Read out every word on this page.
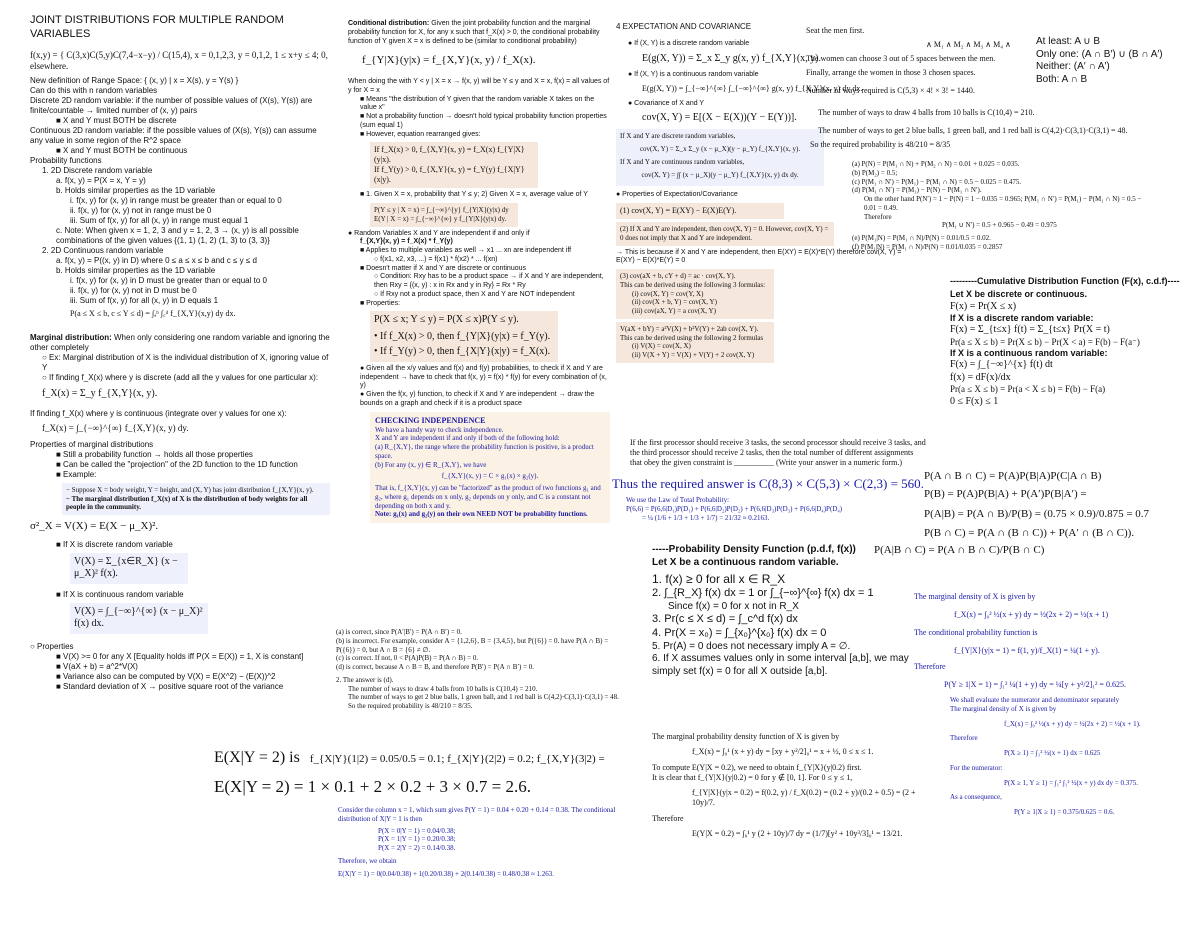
JOINT DISTRIBUTIONS FOR MULTIPLE RANDOM VARIABLES

f(x,y) = { C(3,x)C(5,y)C(7,4−x−y) / C(15,4), x = 0,1,2,3, y = 0,1,2, 1 ≤ x+y ≤ 4; 0, elsewhere.

New definition of Range Space: { (x, y) | x = X(s), y = Y(s) }

Can do this with n random variables

Discrete 2D random variable: if the number of possible values of (X(s), Y(s)) are finite/countable → limited number of (x, y) pairs

■ X and Y must BOTH be discrete

Continuous 2D random variable: if the possible values of (X(s), Y(s)) can assume any value in some region of the R^2 space

■ X and Y must BOTH be continuous

Probability functions

1. 2D Discrete random variable

a. f(x, y) = P(X = x, Y = y)

b. Holds similar properties as the 1D variable

i. f(x, y) for (x, y) in range must be greater than or equal to 0

ii. f(x, y) for (x, y) not in range must be 0

iii. Sum of f(x, y) for all (x, y) in range must equal 1

c. Note: When given x = 1, 2, 3 and y = 1, 2, 3 → (x, y) is all possible combinations of the given values {(1, 1) (1, 2) (1, 3) to (3, 3)}

2. 2D Continuous random variable

a. f(x, y) = P((x, y) in D) where 0 ≤ a ≤ x ≤ b and c ≤ y ≤ d

b. Holds similar properties as the 1D variable

i. f(x, y) for (x, y) in D must be greater than or equal to 0

ii. f(x, y) for (x, y) not in D must be 0

iii. Sum of f(x, y) for all (x, y) in D equals 1

P(a ≤ X ≤ b, c ≤ Y ≤ d) = ∫ₐᵇ ∫꜀ᵈ f_{X,Y}(x,y) dy dx.

Marginal distribution: When only considering one random variable and ignoring the other completely

○ Ex: Marginal distribution of X is the individual distribution of X, ignoring value of Y

○ If finding f_X(x) where y is discrete (add all the y values for one particular x):

f_X(x) = Σ_y f_{X,Y}(x, y).

If finding f_X(x) where y is continuous (integrate over y values for one x):

f_X(x) = ∫_{−∞}^{∞} f_{X,Y}(x, y) dy.

Properties of marginal distributions

■ Still a probability function → holds all those properties

■ Can be called the "projection" of the 2D function to the 1D function

■ Example:

− Suppose X = body weight, Y = height, and (X, Y) has joint distribution f_{X,Y}(x, y).

− The marginal distribution f_X(x) of X is the distribution of body weights for all people in the community.

σ²_X = V(X) = E(X − μ_X)².

■ If X is discrete random variable

V(X) = Σ_{x∈R_X} (x − μ_X)² f(x).

■ If X is continuous random variable

V(X) = ∫_{−∞}^{∞} (x − μ_X)² f(x) dx.

○ Properties

■ V(X) >= 0 for any X [Equality holds iff P(X = E(X)) = 1, X is constant]

■ V(aX + b) = a^2*V(X)

■ Variance also can be computed by V(X) = E(X^2) − (E(X))^2

■ Standard deviation of X → positive square root of the variance

Conditional distribution: Given the joint probability function and the marginal probability function for X, for any x such that f_X(x) > 0, the conditional probability function of Y given X = x is defined to be (similar to conditional probability)

f_{Y|X}(y|x) = f_{X,Y}(x, y) / f_X(x).

When doing the with Y < y | X = x → f(x, y) will be Y ≤ y and X = x, f(x) = all values of y for X = x

■ Means "the distribution of Y given that the random variable X takes on the value x"

■ Not a probability function → doesn't hold typical probability function properties (sum equal 1)

■ However, equation rearranged gives:

If f_X(x) > 0, f_{X,Y}(x, y) = f_X(x) f_{Y|X}(y|x).

If f_Y(y) > 0, f_{X,Y}(x, y) = f_Y(y) f_{X|Y}(x|y).

■ 1. Given X = x, probability that Y ≤ y; 2) Given X = x, average value of Y

P(Y ≤ y | X = x) = ∫_{−∞}^{y} f_{Y|X}(y|x) dy

E(Y | X = x) = ∫_{−∞}^{∞} y f_{Y|X}(y|x) dy.

● Random Variables X and Y are independent if and only if

f_{X,Y}(x, y) = f_X(x) * f_Y(y)

■ Applies to multiple variables as well → x1 ... xn are independent iff

○ f(x1, x2, x3, ...) = f(x1) * f(x2) * ... f(xn)

■ Doesn't matter if X and Y are discrete or continuous

○ Condition: Rxy has to be a product space → if X and Y are independent, then Rxy = {(x, y) : x in Rx and y in Ry} = Rx * Ry

○ If Rxy not a product space, then X and Y are NOT independent

■ Properties:

P(X ≤ x; Y ≤ y) = P(X ≤ x)P(Y ≤ y).

• If f_X(x) > 0, then f_{Y|X}(y|x) = f_Y(y).

• If f_Y(y) > 0, then f_{X|Y}(x|y) = f_X(x).

● Given all the x/y values and f(x) and f(y) probabilities, to check if X and Y are independent → have to check that f(x, y) = f(x) * f(y) for every combination of (x, y)

● Given the f(x, y) function, to check if X and Y are independent → draw the bounds on a graph and check if it is a product space

CHECKING INDEPENDENCE

We have a handy way to check independence.

X and Y are independent if and only if both of the following hold:

(a) R_{X,Y}, the range where the probability function is positive, is a product space.

(b) For any (x, y) ∈ R_{X,Y}, we have

f_{X,Y}(x, y) = C × g₁(x) × g₂(y).

That is, f_{X,Y}(x, y) can be "factorized" as the product of two functions g₁ and g₂, where g₁ depends on x only, g₂ depends on y only, and C is a constant not depending on both x and y.

Note: g₁(x) and g₂(y) on their own NEED NOT be probability functions.

(a) is correct, since P(A′|B′) = P(A ∩ B′) = 0.

(b) is incorrect. For example, consider A = {1,2,6}, B = {3,4,5}, but P({6}) = 0. have P(A ∩ B) = P({6}) = 0, but A ∩ B = {6} ≠ ∅.

(c) is correct. If not, 0 < P(A)P(B) = P(A ∩ B) = 0.

(d) is correct, because A ∩ B = B, and therefore P(B′) = P(A ∩ B′) = 0.

2. The answer is (d).

The number of ways to draw 4 balls from 10 balls is C(10,4) = 210.

The number of ways to get 2 blue balls, 1 green ball, and 1 red ball is C(4,2)·C(3,1)·C(3,1) = 48.

So the required probability is 48/210 = 8/35.

E(X|Y = 2) is f_{X|Y}(1|2) = 0.05/0.5 = 0.1; f_{X|Y}(2|2) = 0.2; f_{X,Y}(3|2) =

E(X|Y = 2) = 1 × 0.1 + 2 × 0.2 + 3 × 0.7 = 2.6.

Consider the column x = 1, which sum gives P(Y = 1) = 0.04 + 0.20 + 0.14 = 0.38. The conditional distribution of X|Y = 1 is then

P(X = 0|Y = 1) = 0.04/0.38;

P(X = 1|Y = 1) = 0.20/0.38;

P(X = 2|Y = 2) = 0.14/0.38.

Therefore, we obtain

E(X|Y = 1) = 0(0.04/0.38) + 1(0.20/0.38) + 2(0.14/0.38) = 0.48/0.38 ≈ 1.263.

4 EXPECTATION AND COVARIANCE

● If (X, Y) is a discrete random variable

E(g(X, Y)) = Σ_x Σ_y g(x, y) f_{X,Y}(x, y).

● If (X, Y) is a continuous random variable

E(g(X, Y)) = ∫_{−∞}^{∞} ∫_{−∞}^{∞} g(x, y) f_{X,Y}(x, y) dy dx.

● Covariance of X and Y

cov(X, Y) = E[(X − E(X))(Y − E(Y))].

If X and Y are discrete random variables,

cov(X, Y) = Σ_x Σ_y (x − μ_X)(y − μ_Y) f_{X,Y}(x, y).

If X and Y are continuous random variables,

cov(X, Y) = ∫∫ (x − μ_X)(y − μ_Y) f_{X,Y}(x, y) dx dy.

● Properties of Expectation/Covariance

(1) cov(X, Y) = E(XY) − E(X)E(Y).

(2) If X and Y are independent, then cov(X, Y) = 0. However, cov(X, Y) = 0 does not imply that X and Y are independent.

→ This is because if X and Y are independent, then E(XY) = E(X)*E(Y) therefore cov(X, Y) = E(XY) − E(X)*E(Y) = 0

(3) cov(aX + b, cY + d) = ac · cov(X, Y).

This can be derived using the following 3 formulas:

(i) cov(X, Y) = cov(Y, X)

(ii) cov(X + b, Y) = cov(X, Y)

(iii) cov(aX, Y) = a cov(X, Y)

V(aX + bY) = a²V(X) + b²V(Y) + 2ab cov(X, Y).

This can be derived using the following 2 formulas

(i) V(X) = cov(X, X)

(ii) V(X + Y) = V(X) + V(Y) + 2 cov(X, Y)

If the first processor should receive 3 tasks, the second processor should receive 3 tasks, and the third processor should receive 2 tasks, then the total number of different assignments that obey the given constraint is __________ (Write your answer in a numeric form.)

Thus the required answer is C(8,3) × C(5,3) × C(2,3) = 560.

We use the Law of Total Probability:

P(6,6) = P(6,6|D₁)P(D₁) + P(6,6|D₂)P(D₂) + P(6,6|D₃)P(D₃) + P(6,6|D₄)P(D₄)

= ¼ (1/6 + 1/3 + 1/3 + 1/7) = 21/32 ≈ 0.2163.

-----Probability Density Function (p.d.f, f(x))

Let X be a continuous random variable.

1. f(x) ≥ 0 for all x ∈ R_X

2. ∫_{R_X} f(x) dx = 1 or ∫_{−∞}^{∞} f(x) dx = 1

Since f(x) = 0 for x not in R_X

3. Pr(c ≤ X ≤ d) = ∫_c^d f(x) dx

4. Pr(X = x₀) = ∫_{x₀}^{x₀} f(x) dx = 0

5. Pr(A) = 0 does not necessary imply A = ∅.

6. If X assumes values only in some interval [a,b], we may simply set f(x) = 0 for all X outside [a,b].

The marginal probability density function of X is given by

f_X(x) = ∫₀¹ (x + y) dy = [xy + y²/2]₀¹ = x + ½, 0 ≤ x ≤ 1.

To compute E(Y|X = 0.2), we need to obtain f_{Y|X}(y|0.2) first.

It is clear that f_{Y|X}(y|0.2) = 0 for y ∉ [0, 1]. For 0 ≤ y ≤ 1,

f_{Y|X}(y|x = 0.2) = f(0.2, y) / f_X(0.2) = (0.2 + y)/(0.2 + 0.5) = (2 + 10y)/7.

Therefore

E(Y|X = 0.2) = ∫₀¹ y (2 + 10y)/7 dy = (1/7)[y² + 10y³/3]₀¹ = 13/21.

Seat the men first.

∧ M₁ ∧ M₂ ∧ M₃ ∧ M₄ ∧

The women can choose 3 out of 5 spaces between the men.

Finally, arrange the women in those 3 chosen spaces.

Number of ways required is C(5,3) × 4! × 3! = 1440.

At least: A ∪ B

Only one: (A ∩ B′) ∪ (B ∩ A′)

Neither: (A′ ∩ A′)

Both: A ∩ B

The number of ways to draw 4 balls from 10 balls is C(10,4) = 210.

The number of ways to get 2 blue balls, 1 green ball, and 1 red ball is C(4,2)·C(3,1)·C(3,1) = 48.

So the required probability is 48/210 = 8/35

(a) P(N) = P(M₁ ∩ N) + P(M₂ ∩ N) = 0.01 + 0.025 = 0.035.

(b) P(M₂) = 0.5;

(c) P(M₁ ∩ N′) = P(M₁) − P(M₁ ∩ N) = 0.5 − 0.025 = 0.475.

(d) P(M₁ ∩ N′) = P(M₁) − P(N) − P(M₁ ∩ N′).

On the other hand P(N′) = 1 − P(N) = 1 − 0.035 = 0.965; P(M₁ ∩ N′) = P(M₁) − P(M₁ ∩ N) = 0.5 − 0.01 = 0.49.

Therefore

P(M₁ ∪ N′) = 0.5 + 0.965 − 0.49 = 0.975

(e) P(M₁|N) = P(M₁ ∩ N)/P(N) = 0.01/0.5 = 0.02.

(f) P(M₁|N) = P(M₁ ∩ N)/P(N) = 0.01/0.035 = 0.2857

---------Cumulative Distribution Function (F(x), c.d.f)----

Let X be discrete or continuous.

F(x) = Pr(X ≤ x)

If X is a discrete random variable:

F(x) = Σ_{t≤x} f(t) = Σ_{t≤x} Pr(X = t)

Pr(a ≤ X ≤ b) = Pr(X ≤ b) − Pr(X < a) = F(b) − F(a⁻)

If X is a continuous random variable:

F(x) = ∫_{−∞}^{x} f(t) dt

f(x) = dF(x)/dx

Pr(a ≤ X ≤ b) = Pr(a < X ≤ b) = F(b) − F(a)

0 ≤ F(x) ≤ 1

P(A ∩ B ∩ C) = P(A)P(B|A)P(C|A ∩ B)

P(B) = P(A)P(B|A) + P(A′)P(B|A′) =

P(A|B) = P(A ∩ B)/P(B) = (0.75 × 0.9)/0.875 = 0.7

P(B ∩ C) = P(A ∩ (B ∩ C)) + P(A′ ∩ (B ∩ C)).

P(A|B ∩ C) = P(A ∩ B ∩ C)/P(B ∩ C)

The marginal density of X is given by

f_X(x) = ∫₀² ½(x + y) dy = ½(2x + 2) = ½(x + 1)

The conditional probability function is

f_{Y|X}(y|x = 1) = f(1, y)/f_X(1) = ¼(1 + y).

Therefore

P(Y ≥ 1|X = 1) = ∫₁² ¼(1 + y) dy = ¼[y + y²/2]₁² = 0.625.

We shall evaluate the numerator and denominator separately

The marginal density of X is given by

f_X(x) = ∫₀² ½(x + y) dy = ½(2x + 2) = ½(x + 1).

Therefore

P(X ≥ 1) = ∫₁² ½(x + 1) dx = 0.625

For the numerator:

P(X ≥ 1, Y ≥ 1) = ∫₁² ∫₁² ½(x + y) dx dy = 0.375.

As a consequence,

P(Y ≥ 1|X ≥ 1) = 0.375/0.625 = 0.6.
